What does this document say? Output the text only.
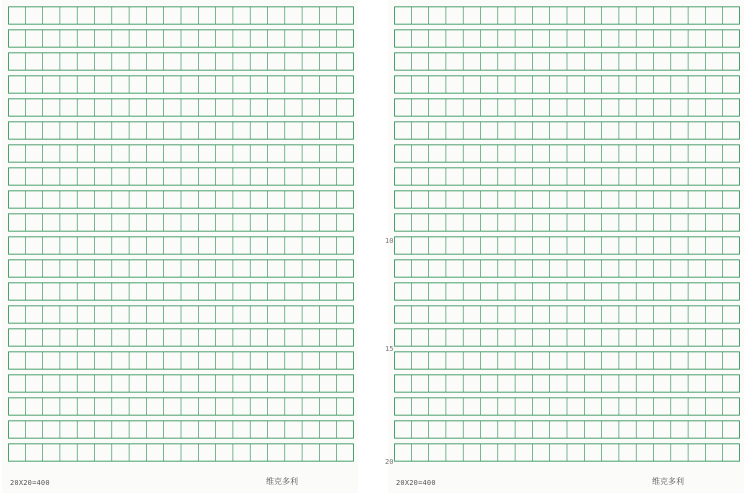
20X20=400	维克多利
10
15
20
20X20=400	维克多利
